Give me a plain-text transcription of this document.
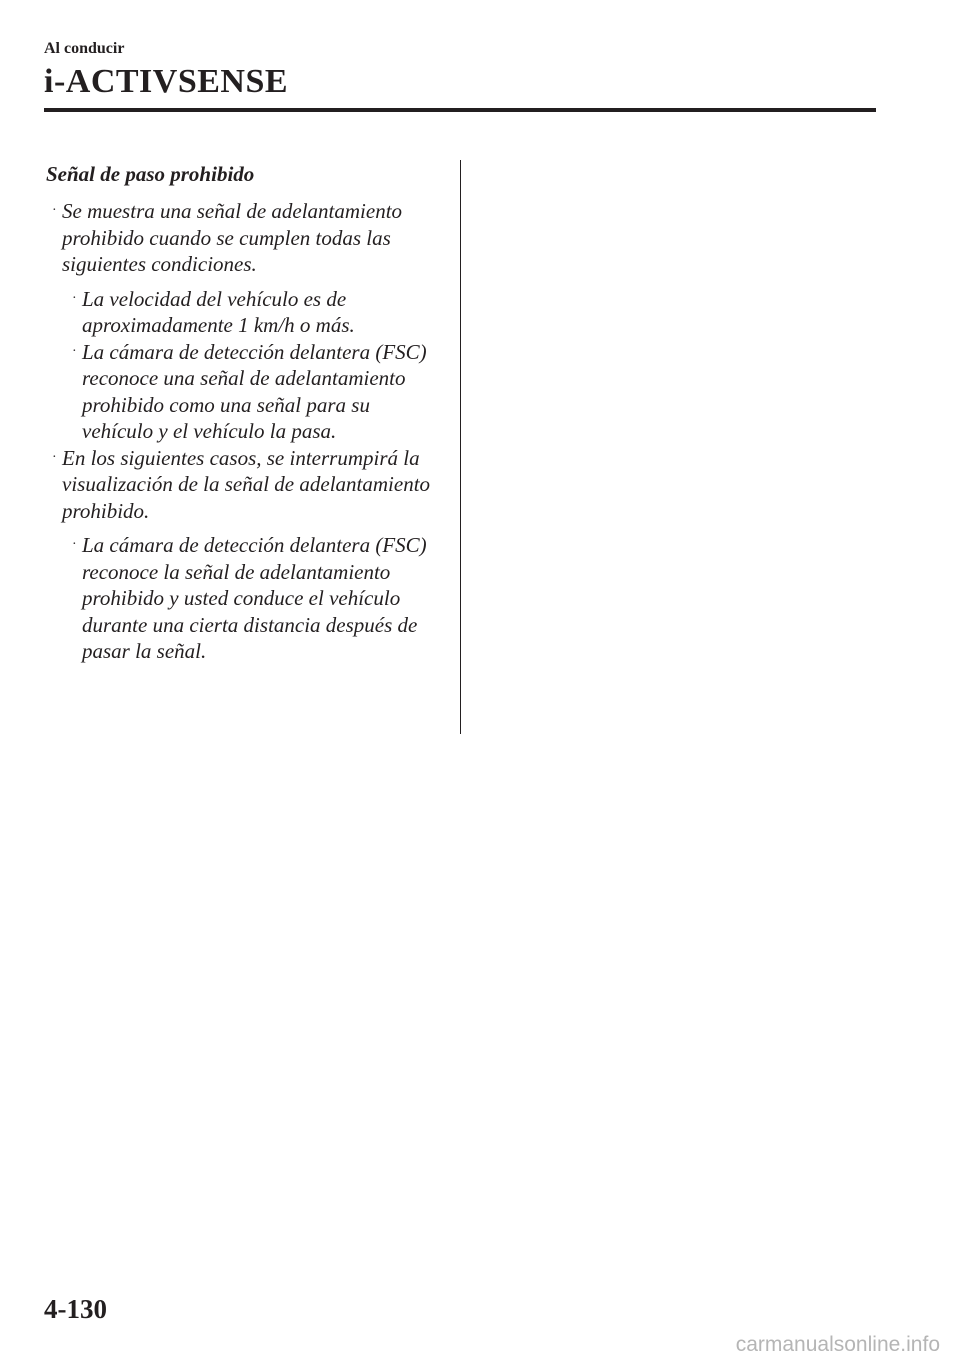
Al conducir
i-ACTIVSENSE
Señal de paso prohibido
· Se muestra una señal de adelantamiento prohibido cuando se cumplen todas las siguientes condiciones.
· La velocidad del vehículo es de aproximadamente 1 km/h o más.
· La cámara de detección delantera (FSC) reconoce una señal de adelantamiento prohibido como una señal para su vehículo y el vehículo la pasa.
· En los siguientes casos, se interrumpirá la visualización de la señal de adelantamiento prohibido.
· La cámara de detección delantera (FSC) reconoce la señal de adelantamiento prohibido y usted conduce el vehículo durante una cierta distancia después de pasar la señal.
4-130
carmanualsonline.info
